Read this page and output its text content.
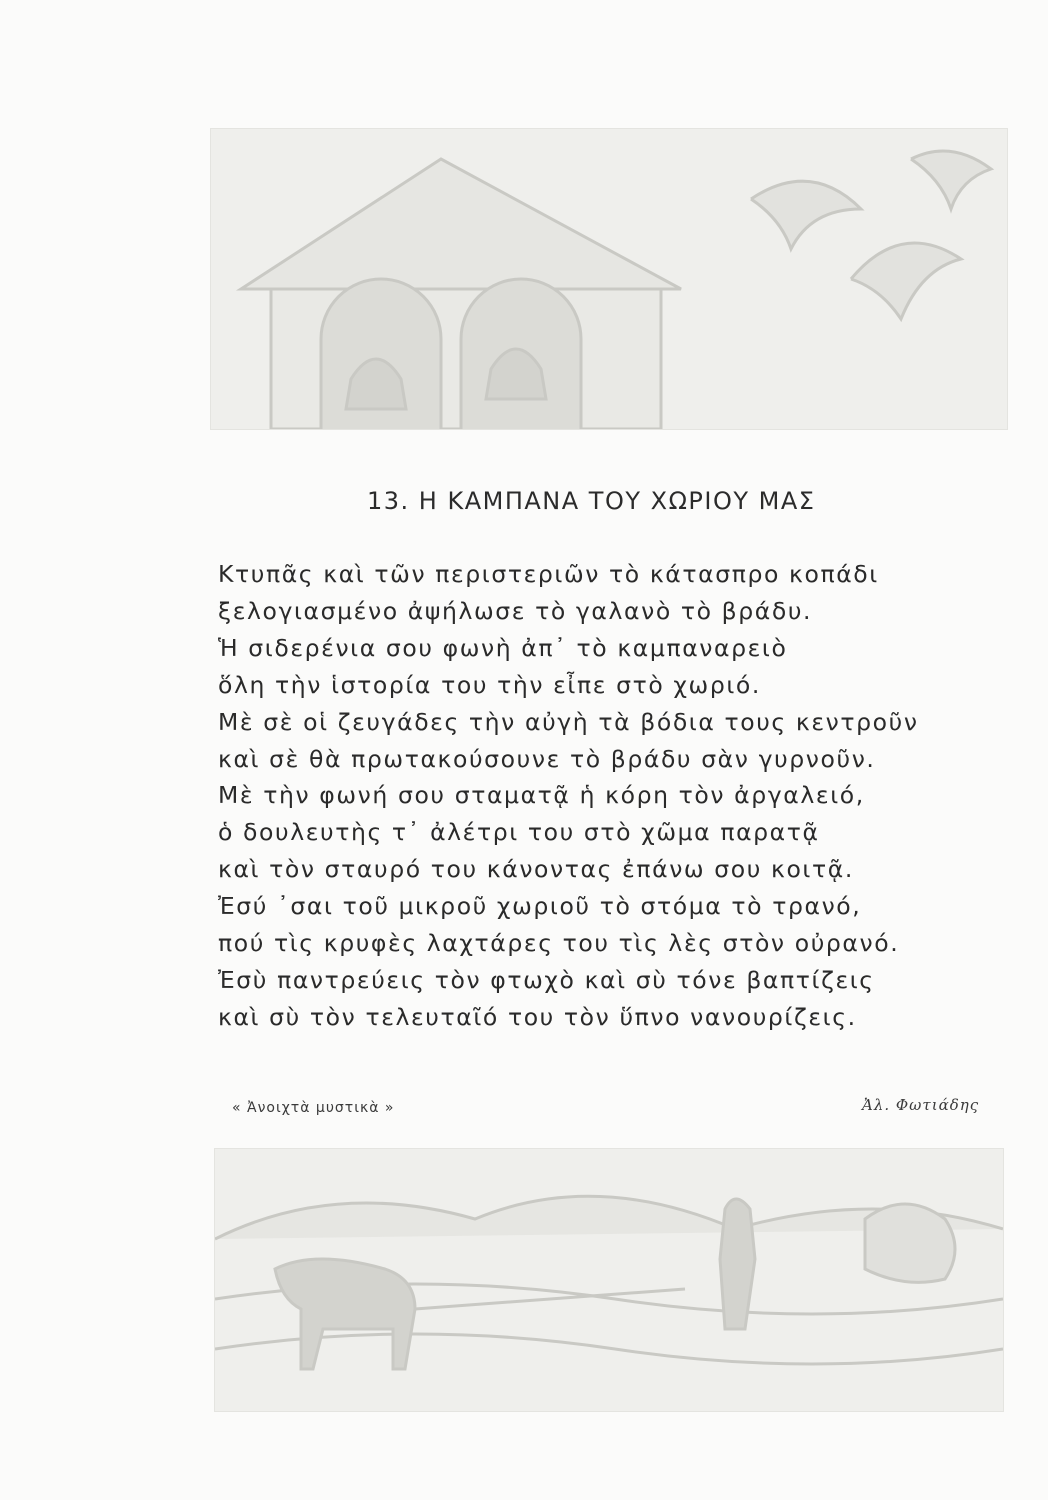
13. Η ΚΑΜΠΑΝΑ ΤΟΥ ΧΩΡΙΟΥ ΜΑΣ
Κτυπᾶς καὶ τῶν περιστεριῶν τὸ κάτασπρο κοπάδι
ξελογιασμένο ἀψήλωσε τὸ γαλανὸ τὸ βράδυ.
Ἡ σιδερένια σου φωνὴ ἀπ᾿ τὸ καμπαναρειὸ
ὅλη τὴν ἱστορία του τὴν εἶπε στὸ χωριό.
Μὲ σὲ οἱ ζευγάδες τὴν αὐγὴ τὰ βόδια τους κεντροῦν
καὶ σὲ θὰ πρωτακούσουνε τὸ βράδυ σὰν γυρνοῦν.
Μὲ τὴν φωνή σου σταματᾷ ἡ κόρη τὸν ἀργαλειό,
ὁ δουλευτὴς τ᾿ ἀλέτρι του στὸ χῶμα παρατᾷ
καὶ τὸν σταυρό του κάνοντας ἐπάνω σου κοιτᾷ.
Ἐσύ ᾿σαι τοῦ μικροῦ χωριοῦ τὸ στόμα τὸ τρανό,
πού τὶς κρυφὲς λαχτάρες του τὶς λὲς στὸν οὐρανό.
Ἐσὺ παντρεύεις τὸν φτωχὸ καὶ σὺ τόνε βαπτίζεις
καὶ σὺ τὸν τελευταῖό του τὸν ὕπνο νανουρίζεις.
« Ἀνοιχτὰ μυστικὰ »	Ἀλ. Φωτιάδης
